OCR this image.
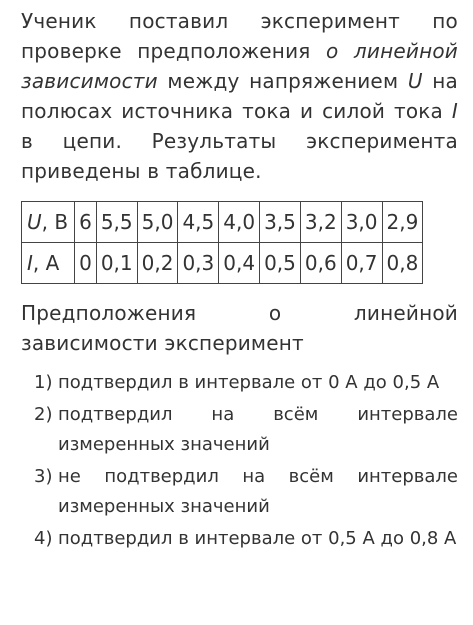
Ученик поставил эксперимент по проверке предположения о линейной зависимости между напряжением U на полюсах источника тока и силой тока I в цепи. Результаты эксперимента приведены в таблице.

U, В	6	5,5	5,0	4,5	4,0	3,5	3,2	3,0	2,9
I, А	0	0,1	0,2	0,3	0,4	0,5	0,6	0,7	0,8

Предположения о линейной зависимости эксперимент

1) подтвердил в интервале от 0 А до 0,5 А
2) подтвердил на всём интервале измеренных значений
3) не подтвердил на всём интервале измеренных значений
4) подтвердил в интервале от 0,5 А до 0,8 А
